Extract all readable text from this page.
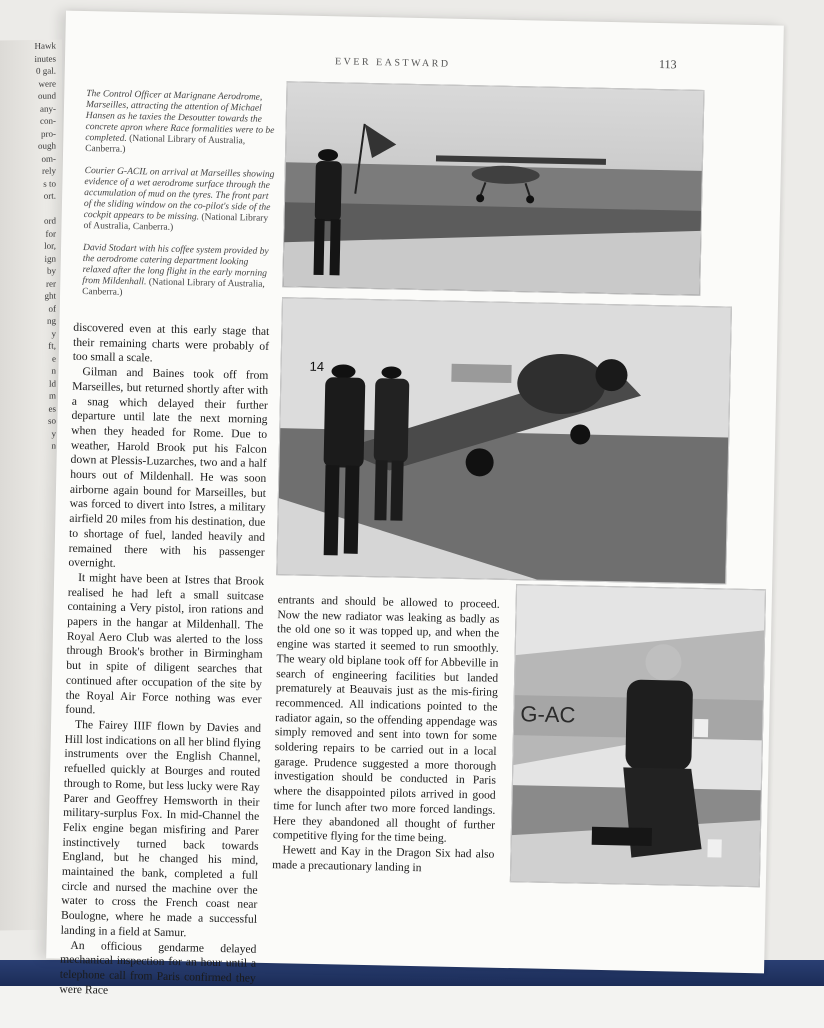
Hawk
inutes
0 gal.
were
ound
any-
con-
pro-
ough
om-
rely
s to
ort.

ord
for
lor,
ign
by
rer
ght
of
ng
y
ft,
e
n
ld
m
es
so
y
n
EVER EASTWARD	113

The Control Officer at Marignane Aerodrome, Marseilles, attracting the attention of Michael Hansen as he taxies the Desoutter towards the concrete apron where Race formalities were to be completed. (National Library of Australia, Canberra.)

Courier G-ACIL on arrival at Marseilles showing evidence of a wet aerodrome surface through the accumulation of mud on the tyres. The front part of the sliding window on the co-pilot's side of the cockpit appears to be missing. (National Library of Australia, Canberra.)

David Stodart with his coffee system provided by the aerodrome catering department looking relaxed after the long flight in the early morning from Mildenhall. (National Library of Australia, Canberra.)

14
G-AC

discovered even at this early stage that their remaining charts were probably of too small a scale.

Gilman and Baines took off from Marseilles, but returned shortly after with a snag which delayed their further departure until late the next morning when they headed for Rome. Due to weather, Harold Brook put his Falcon down at Plessis-Luzarches, two and a half hours out of Mildenhall. He was soon airborne again bound for Marseilles, but was forced to divert into Istres, a military airfield 20 miles from his destination, due to shortage of fuel, landed heavily and remained there with his passenger overnight.

It might have been at Istres that Brook realised he had left a small suitcase containing a Very pistol, iron rations and papers in the hangar at Mildenhall. The Royal Aero Club was alerted to the loss through Brook's brother in Birmingham but in spite of diligent searches that continued after occupation of the site by the Royal Air Force nothing was ever found.

The Fairey IIIF flown by Davies and Hill lost indications on all her blind flying instruments over the English Channel, refuelled quickly at Bourges and routed through to Rome, but less lucky were Ray Parer and Geoffrey Hemsworth in their military-surplus Fox. In mid-Channel the Felix engine began misfiring and Parer instinctively turned back towards England, but he changed his mind, maintained the bank, completed a full circle and nursed the machine over the water to cross the French coast near Boulogne, where he made a successful landing in a field at Samur.

An officious gendarme delayed mechanical inspection for an hour until a telephone call from Paris confirmed they were Race

entrants and should be allowed to proceed. Now the new radiator was leaking as badly as the old one so it was topped up, and when the engine was started it seemed to run smoothly. The weary old biplane took off for Abbeville in search of engineering facilities but landed prematurely at Beauvais just as the mis-firing recommenced. All indications pointed to the radiator again, so the offending appendage was simply removed and sent into town for some soldering repairs to be carried out in a local garage. Prudence suggested a more thorough investigation should be conducted in Paris where the disappointed pilots arrived in good time for lunch after two more forced landings. Here they abandoned all thought of further competitive flying for the time being.

Hewett and Kay in the Dragon Six had also made a precautionary landing in
